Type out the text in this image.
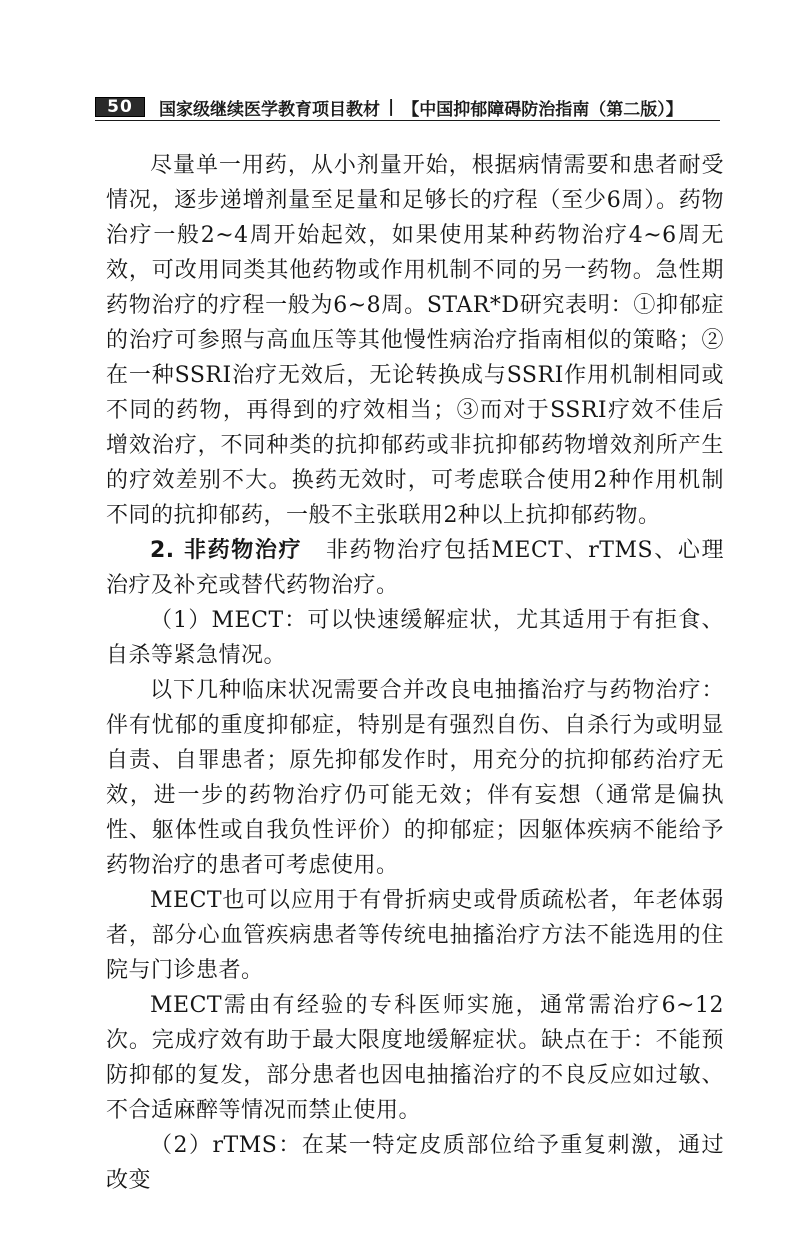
50	国家级继续医学教育项目教材 | 【中国抑郁障碍防治指南（第二版）】

尽量单一用药，从小剂量开始，根据病情需要和患者耐受情况，逐步递增剂量至足量和足够长的疗程（至少6周）。药物治疗一般2~4周开始起效，如果使用某种药物治疗4~6周无效，可改用同类其他药物或作用机制不同的另一药物。急性期药物治疗的疗程一般为6~8周。STAR*D研究表明：①抑郁症的治疗可参照与高血压等其他慢性病治疗指南相似的策略；②在一种SSRI治疗无效后，无论转换成与SSRI作用机制相同或不同的药物，再得到的疗效相当；③而对于SSRI疗效不佳后增效治疗，不同种类的抗抑郁药或非抗抑郁药物增效剂所产生的疗效差别不大。换药无效时，可考虑联合使用2种作用机制不同的抗抑郁药，一般不主张联用2种以上抗抑郁药物。

2. 非药物治疗　非药物治疗包括MECT、rTMS、心理治疗及补充或替代药物治疗。

（1）MECT：可以快速缓解症状，尤其适用于有拒食、自杀等紧急情况。

以下几种临床状况需要合并改良电抽搐治疗与药物治疗：伴有忧郁的重度抑郁症，特别是有强烈自伤、自杀行为或明显自责、自罪患者；原先抑郁发作时，用充分的抗抑郁药治疗无效，进一步的药物治疗仍可能无效；伴有妄想（通常是偏执性、躯体性或自我负性评价）的抑郁症；因躯体疾病不能给予药物治疗的患者可考虑使用。

MECT也可以应用于有骨折病史或骨质疏松者，年老体弱者，部分心血管疾病患者等传统电抽搐治疗方法不能选用的住院与门诊患者。

MECT需由有经验的专科医师实施，通常需治疗6~12次。完成疗效有助于最大限度地缓解症状。缺点在于：不能预防抑郁的复发，部分患者也因电抽搐治疗的不良反应如过敏、不合适麻醉等情况而禁止使用。

（2）rTMS：在某一特定皮质部位给予重复刺激，通过改变
